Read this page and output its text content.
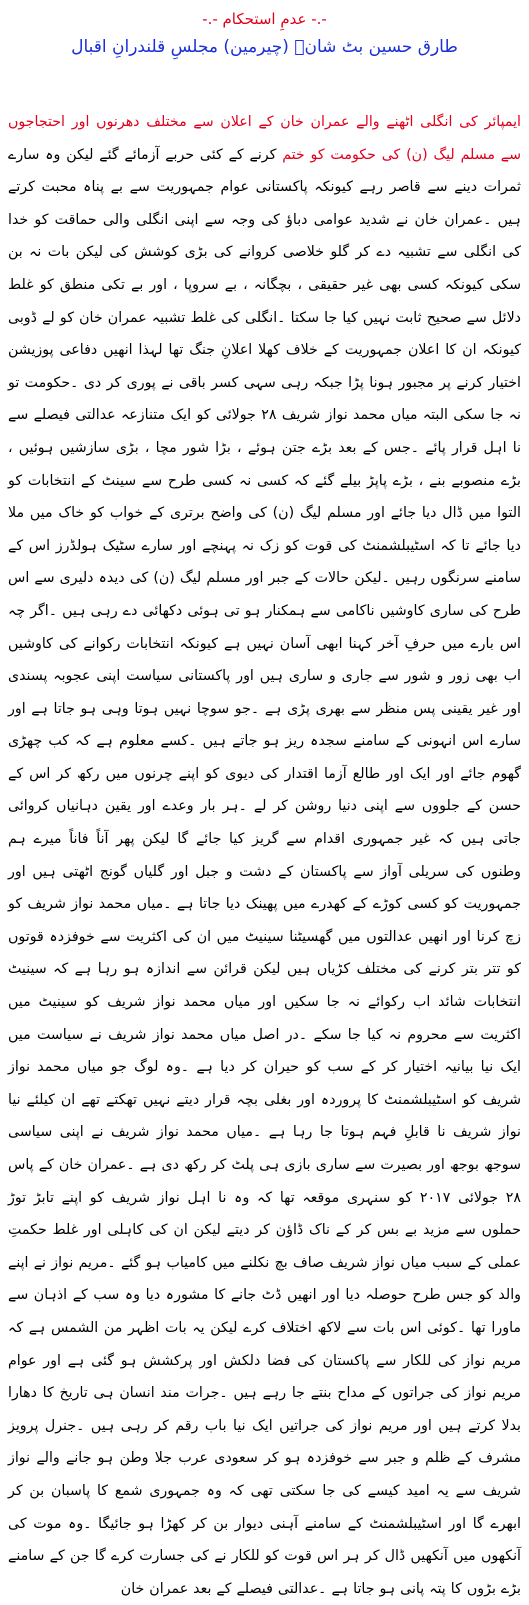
-.- عدمِ استحکام -.-
طارق حسین بٹ شانؔ (چیرمین) مجلسِ قلندرانِ اقبال
ایمپائر کی انگلی اٹھنے والے عمران خان کے اعلان سے مختلف دھرنوں اور احتجاجوں سے مسلم لیگ (ن) کی حکومت کو ختم کرنے کے کئی حربے آزمائے گئے لیکن وہ سارے ثمرات دینے سے قاصر رہے کیونکہ پاکستانی عوام جمہوریت سے بے پناہ محبت کرتے ہیں ۔عمران خان نے شدید عوامی دباؤ کی وجہ سے اپنی انگلی والی حماقت کو خدا کی انگلی سے تشبیہ دے کر گلو خلاصی کروانے کی بڑی کوشش کی لیکن بات نہ بن سکی کیونکہ کسی بھی غیر حقیقی ، بچگانہ ، بے سروپا ، اور بے تکی منطق کو غلط دلائل سے صحیح ثابت نہیں کیا جا سکتا ۔انگلی کی غلط تشبیہ عمران خان کو لے ڈوبی کیونکہ ان کا اعلان جمہوریت کے خلاف کھلا اعلانِ جنگ تھا لہذا انھیں دفاعی پوزیشن اختیار کرنے پر مجبور ہونا پڑا جبکہ رہی سہی کسر باقی نے پوری کر دی ۔حکومت تو نہ جا سکی البتہ میاں محمد نواز شریف ۲۸ جولائی کو ایک متنازعہ عدالتی فیصلے سے نا اہل قرار پائے ۔جس کے بعد بڑے جتن ہوئے ، بڑا شور مچا ، بڑی سازشیں ہوئیں ، بڑے منصوبے بنے ، بڑے پاپڑ بیلے گئے کہ کسی نہ کسی طرح سے سینٹ کے انتخابات کو التوا میں ڈال دیا جائے اور مسلم لیگ (ن) کی واضح برتری کے خواب کو خاک میں ملا دیا جائے تا کہ اسٹیبلشمنٹ کی قوت کو زک نہ پہنچے اور سارے سٹیک ہولڈرز اس کے سامنے سرنگوں رہیں ۔لیکن حالات کے جبر اور مسلم لیگ (ن) کی دیدہ دلیری سے اس طرح کی ساری کاوشیں ناکامی سے ہمکنار ہو تی ہوئی دکھائی دے رہی ہیں ۔اگر چہ اس بارے میں حرفِ آخر کہنا ابھی آسان نہیں ہے کیونکہ انتخابات رکوانے کی کاوشیں اب بھی زور و شور سے جاری و ساری ہیں اور پاکستانی سیاست اپنی عجوبہ پسندی اور غیر یقینی پس منظر سے بھری پڑی ہے ۔جو سوچا نہیں ہوتا وہی ہو جاتا ہے اور سارے اس انہونی کے سامنے سجدہ ریز ہو جاتے ہیں ۔کسے معلوم ہے کہ کب چھڑی گھوم جائے اور ایک اور طالع آزما اقتدار کی دیوی کو اپنے چرنوں میں رکھ کر اس کے حسن کے جلووں سے اپنی دنیا روشن کر لے ۔ہر بار وعدے اور یقین دہانیاں کروائی جاتی ہیں کہ غیر جمہوری اقدام سے گریز کیا جائے گا لیکن پھر آناً فاناً میرے ہم وطنوں کی سریلی آواز سے پاکستان کے دشت و جبل اور گلیاں گونج اٹھتی ہیں اور جمہوریت کو کسی کوڑے کے کھدرے میں پھینک دیا جاتا ہے ۔میاں محمد نواز شریف کو زچ کرنا اور انھیں عدالتوں میں گھسیٹنا سینیٹ میں ان کی اکثریت سے خوفزدہ قوتوں کو تتر بتر کرنے کی مختلف کڑیاں ہیں لیکن قرائن سے اندازہ ہو رہا ہے کہ سینیٹ انتخابات شائد اب رکوائے نہ جا سکیں اور میاں محمد نواز شریف کو سینیٹ میں اکثریت سے محروم نہ کیا جا سکے ۔در اصل میاں محمد نواز شریف نے سیاست میں ایک نیا بیانیہ اختیار کر کے سب کو حیران کر دیا ہے ۔وہ لوگ جو میاں محمد نواز شریف کو اسٹیبلشمنٹ کا پروردہ اور بغلی بچہ قرار دیتے نہیں تھکتے تھے ان کیلئے نیا نواز شریف نا قابلِ فہم ہوتا جا رہا ہے ۔میاں محمد نواز شریف نے اپنی سیاسی سوجھ بوجھ اور بصیرت سے ساری بازی ہی پلٹ کر رکھ دی ہے ۔عمران خان کے پاس ۲۸ جولائی ۲۰۱۷ کو سنہری موقعہ تھا کہ وہ نا اہل نواز شریف کو اپنے تابڑ توڑ حملوں سے مزید بے بس کر کے ناک ڈاؤن کر دیتے لیکن ان کی کاہلی اور غلط حکمتِ عملی کے سبب میاں نواز شریف صاف بچ نکلنے میں کامیاب ہو گئے ۔مریم نواز نے اپنے والد کو جس طرح حوصلہ دیا اور انھیں ڈٹ جانے کا مشورہ دیا وہ سب کے اذہان سے ماورا تھا ۔کوئی اس بات سے لاکھ اختلاف کرے لیکن یہ بات اظہر من الشمس ہے کہ مریم نواز کی للکار سے پاکستان کی فضا دلکش اور پرکشش ہو گئی ہے اور عوام مریم نواز کی جراتوں کے مداح بنتے جا رہے ہیں ۔جرات مند انسان ہی تاریخ کا دھارا بدلا کرتے ہیں اور مریم نواز کی جراتیں ایک نیا باب رقم کر رہی ہیں ۔جنرل پرویز مشرف کے ظلم و جبر سے خوفزدہ ہو کر سعودی عرب جلا وطن ہو جانے والے نواز شریف سے یہ امید کیسے کی جا سکتی تھی کہ وہ جمہوری شمع کا پاسبان بن کر ابھرے گا اور اسٹیبلشمنٹ کے سامنے آہنی دیوار بن کر کھڑا ہو جائیگا ۔وہ موت کی آنکھوں میں آنکھیں ڈال کر ہر اس قوت کو للکار نے کی جسارت کرے گا جن کے سامنے بڑے بڑوں کا پتہ پانی ہو جاتا ہے ۔عدالتی فیصلے کے بعد عمران خان
